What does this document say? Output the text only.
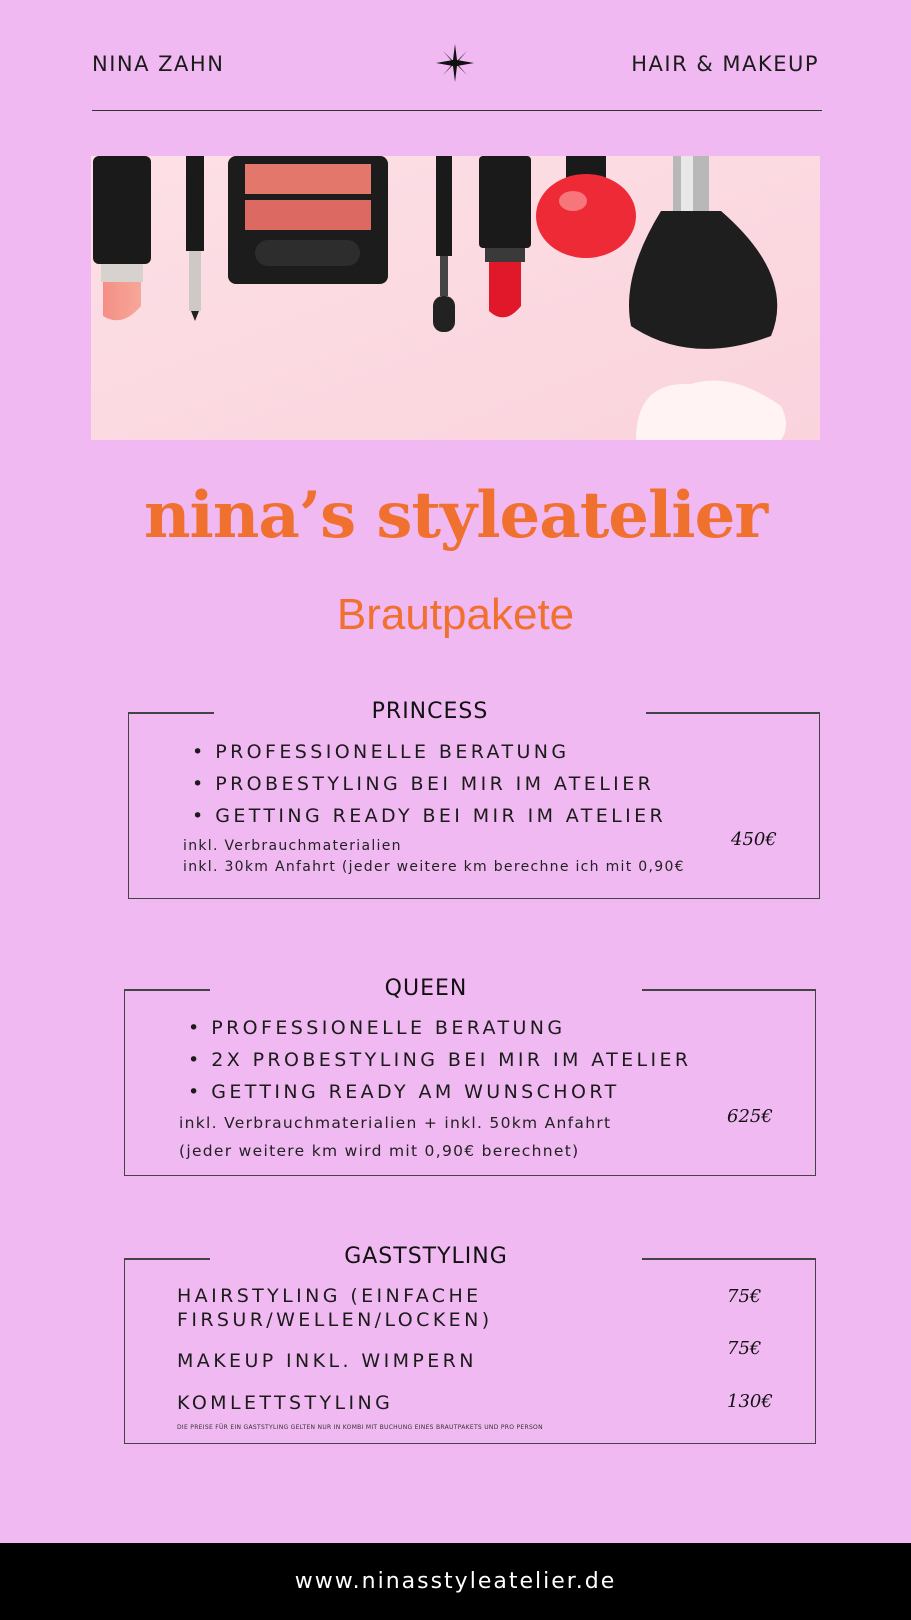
NINA ZAHN	HAIR & MAKEUP
nina’s styleatelier
Brautpakete
PRINCESS
• PROFESSIONELLE BERATUNG
• PROBESTYLING BEI MIR IM ATELIER
• GETTING READY BEI MIR IM ATELIER
inkl. Verbrauchmaterialien
inkl. 30km Anfahrt (jeder weitere km berechne ich mit 0,90€
450€
QUEEN
• PROFESSIONELLE BERATUNG
• 2X PROBESTYLING BEI MIR IM ATELIER
• GETTING READY AM WUNSCHORT
inkl. Verbrauchmaterialien + inkl. 50km Anfahrt
(jeder weitere km wird mit 0,90€ berechnet)
625€
GASTSTYLING
HAIRSTYLING (EINFACHE FIRSUR/WELLEN/LOCKEN)
75€
MAKEUP INKL. WIMPERN
75€
KOMLETTSTYLING	130€
DIE PREISE FÜR EIN GASTSTYLING GELTEN NUR IN KOMBI MIT BUCHUNG EINES BRAUTPAKETS UND PRO PERSON
www.ninasstyleatelier.de
